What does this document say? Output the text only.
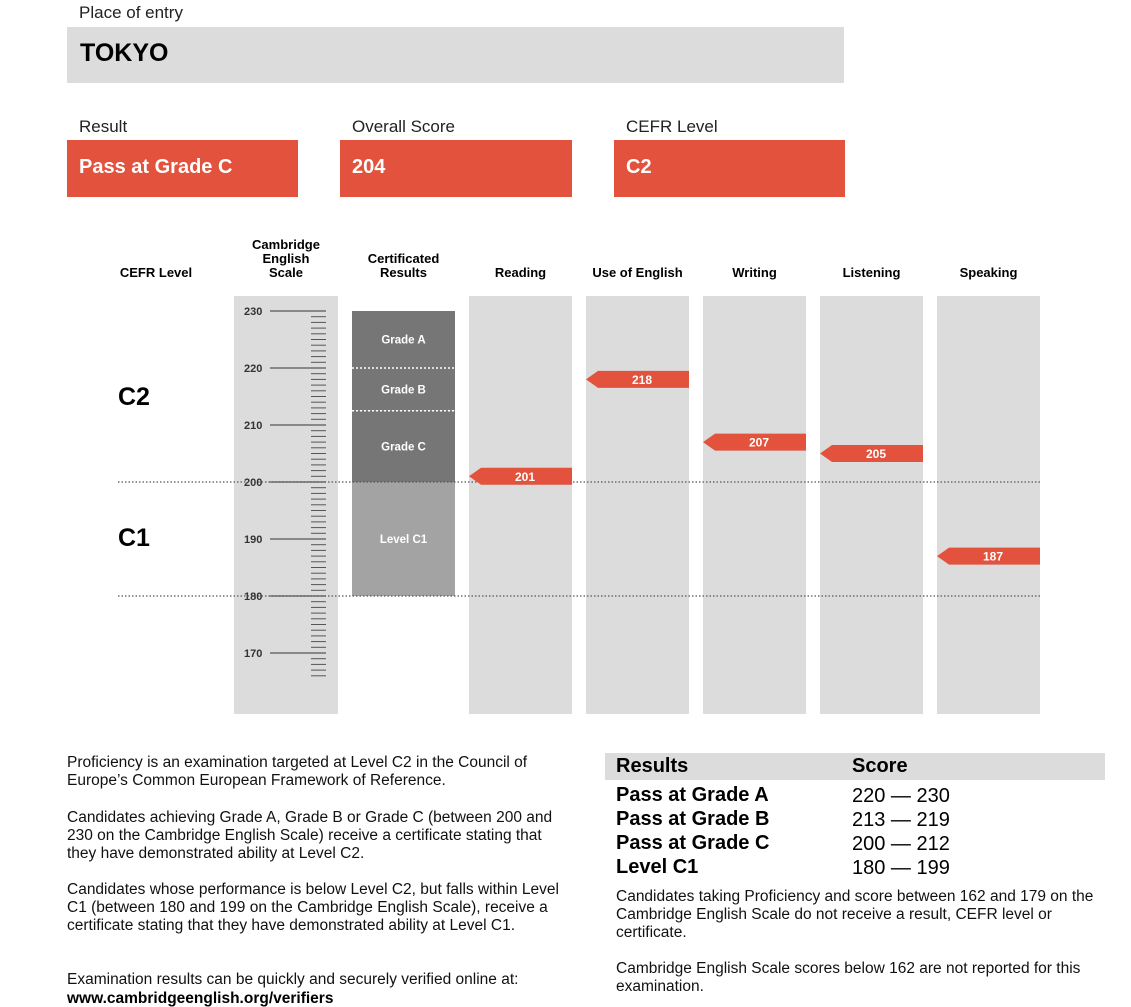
Place of entry
TOKYO
Result	Overall Score	CEFR Level
Pass at Grade C	204	C2
CEFR Level
Cambridge
English
Scale
Certificated
Results	Reading	Use of English	Writing	Listening	Speaking
230
220
210
200
190
180
170
Grade A
Grade B
Grade C
Level C1
201
218
207
205
187
C2
C1
Proficiency is an examination targeted at Level C2 in the Council of Europe’s Common European Framework of Reference.
Candidates achieving Grade A, Grade B or Grade C (between 200 and 230 on the Cambridge English Scale) receive a certificate stating that they have demonstrated ability at Level C2.
Candidates whose performance is below Level C2, but falls within Level C1 (between 180 and 199 on the Cambridge English Scale), receive a certificate stating that they have demonstrated ability at Level C1.
Examination results can be quickly and securely verified online at:
www.cambridgeenglish.org/verifiers
Results	Score
Pass at Grade A	220 — 230
Pass at Grade B	213 — 219
Pass at Grade C	200 — 212
Level C1	180 — 199
Candidates taking Proficiency and score between 162 and 179 on the Cambridge English Scale do not receive a result, CEFR level or certificate.
Cambridge English Scale scores below 162 are not reported for this examination.
